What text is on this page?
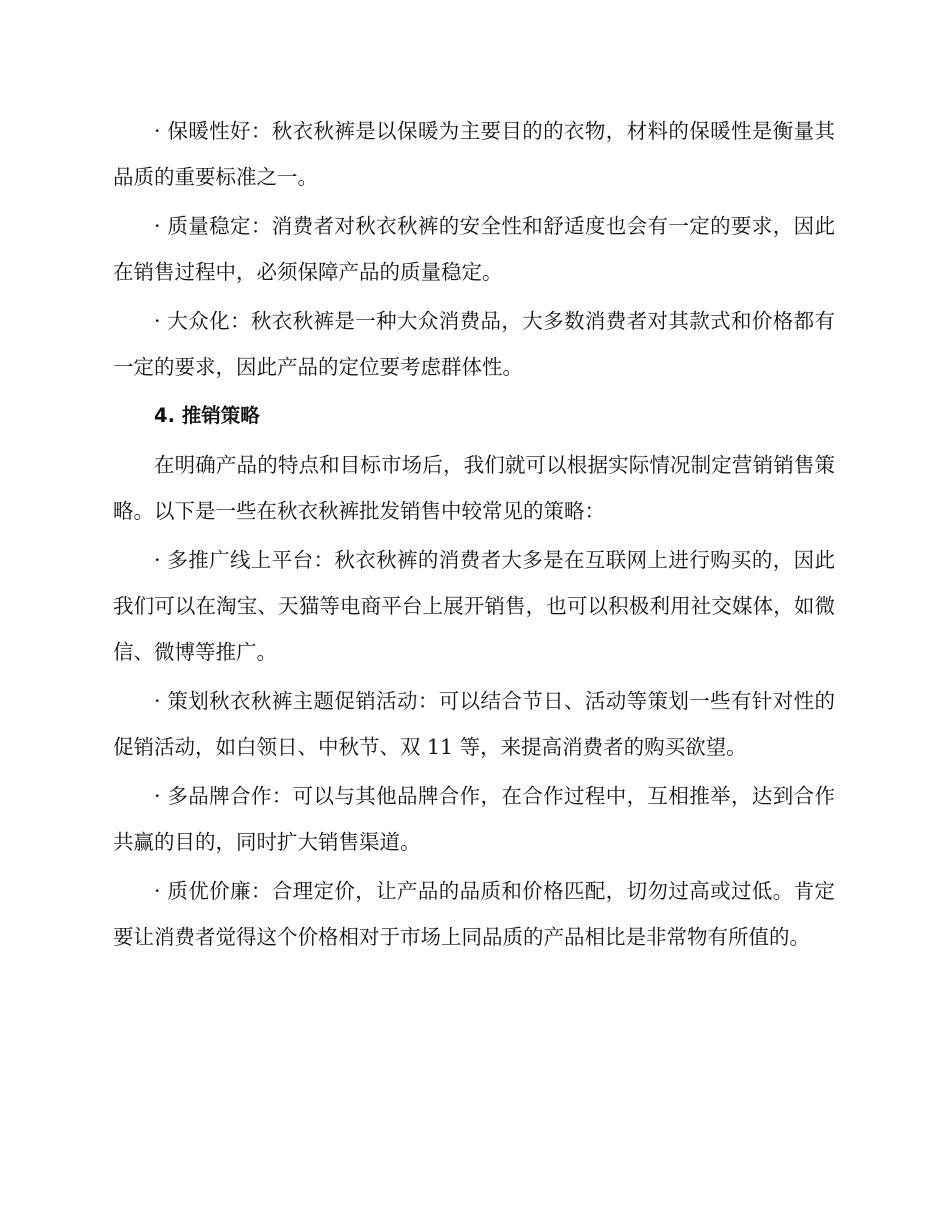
· 保暖性好：秋衣秋裤是以保暖为主要目的的衣物，材料的保暖性是衡量其品质的重要标准之一。

· 质量稳定：消费者对秋衣秋裤的安全性和舒适度也会有一定的要求，因此在销售过程中，必须保障产品的质量稳定。

· 大众化：秋衣秋裤是一种大众消费品，大多数消费者对其款式和价格都有一定的要求，因此产品的定位要考虑群体性。

4. 推销策略

在明确产品的特点和目标市场后，我们就可以根据实际情况制定营销销售策略。以下是一些在秋衣秋裤批发销售中较常见的策略：

· 多推广线上平台：秋衣秋裤的消费者大多是在互联网上进行购买的，因此我们可以在淘宝、天猫等电商平台上展开销售，也可以积极利用社交媒体，如微信、微博等推广。

· 策划秋衣秋裤主题促销活动：可以结合节日、活动等策划一些有针对性的促销活动，如白领日、中秋节、双 11 等，来提高消费者的购买欲望。

· 多品牌合作：可以与其他品牌合作，在合作过程中，互相推举，达到合作共赢的目的，同时扩大销售渠道。

· 质优价廉：合理定价，让产品的品质和价格匹配，切勿过高或过低。肯定要让消费者觉得这个价格相对于市场上同品质的产品相比是非常物有所值的。
